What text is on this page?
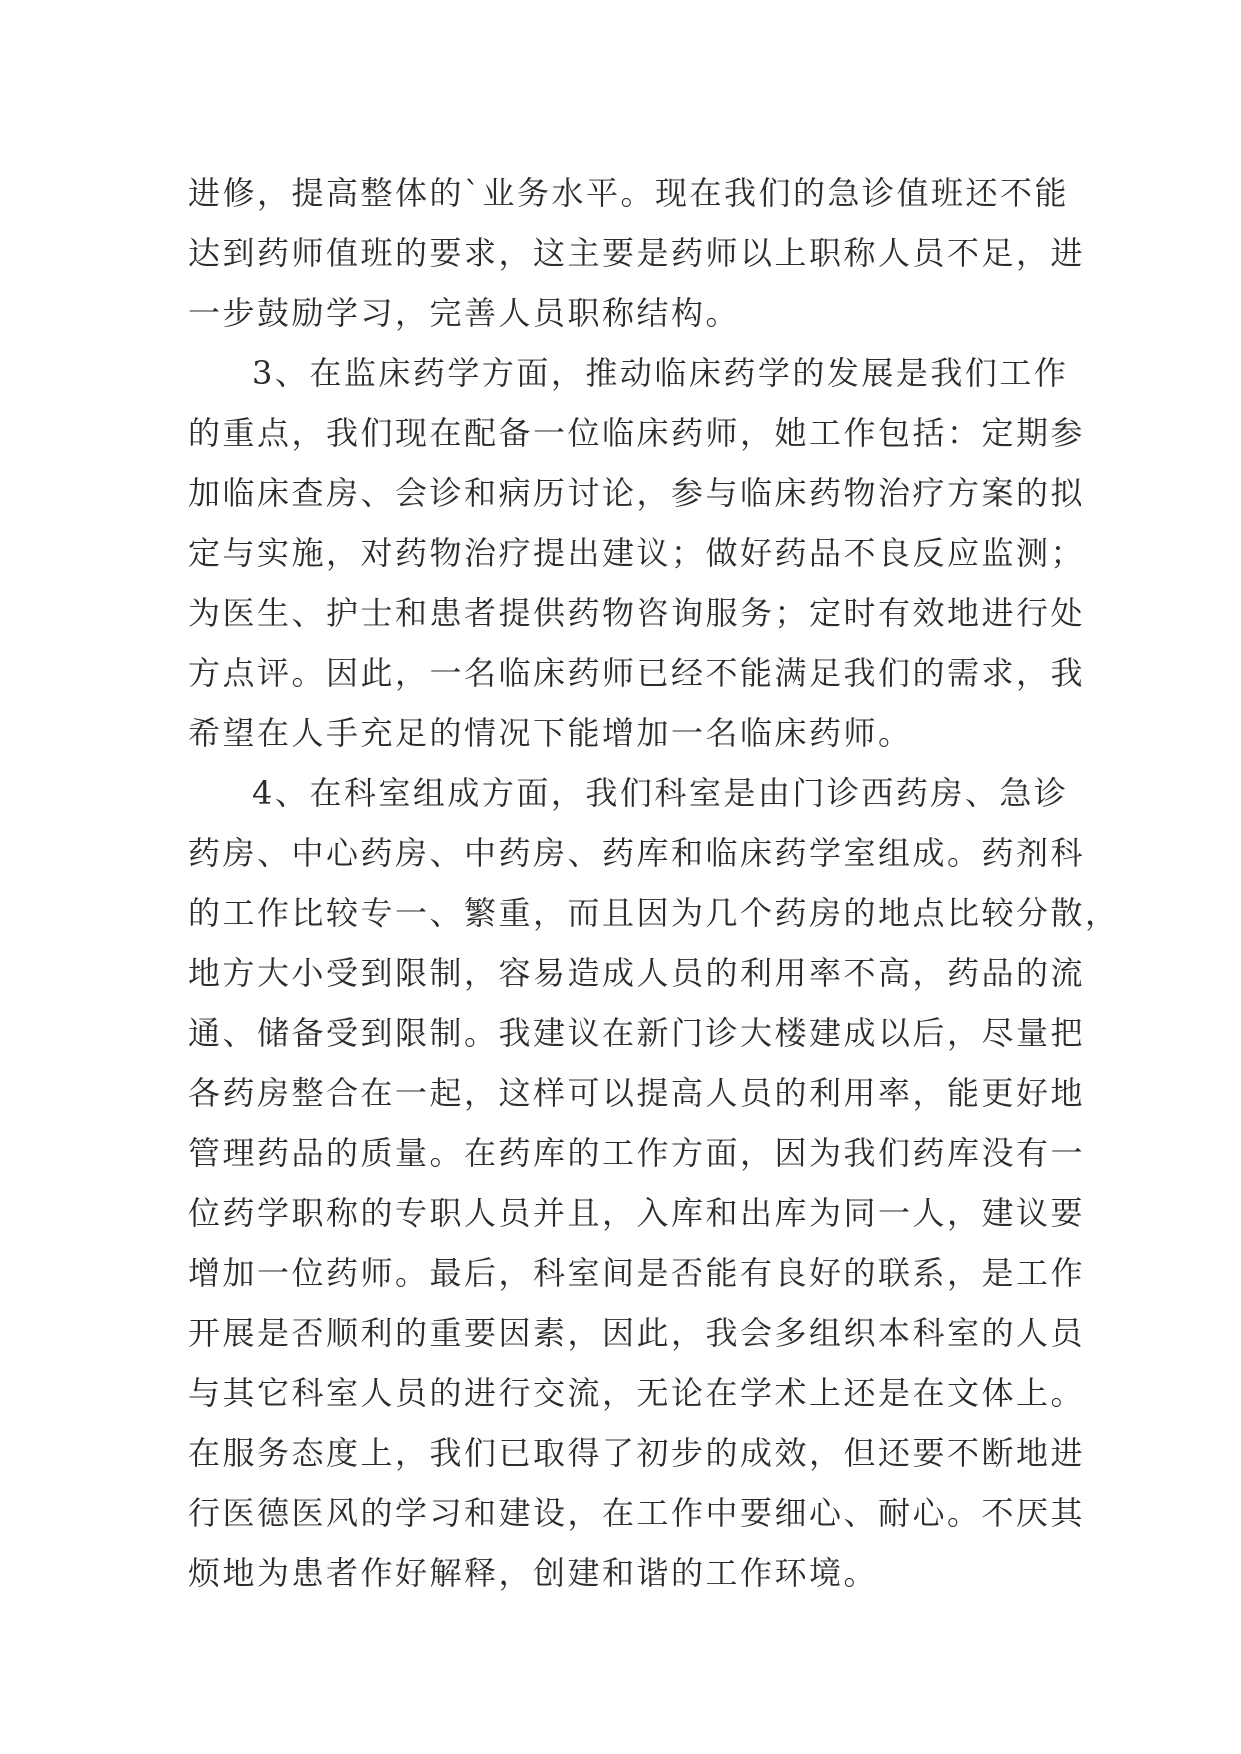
进修，提高整体的`业务水平。现在我们的急诊值班还不能
达到药师值班的要求，这主要是药师以上职称人员不足，进
一步鼓励学习，完善人员职称结构。
3、在监床药学方面，推动临床药学的发展是我们工作
的重点，我们现在配备一位临床药师，她工作包括：定期参
加临床查房、会诊和病历讨论，参与临床药物治疗方案的拟
定与实施，对药物治疗提出建议；做好药品不良反应监测；
为医生、护士和患者提供药物咨询服务；定时有效地进行处
方点评。因此，一名临床药师已经不能满足我们的需求，我
希望在人手充足的情况下能增加一名临床药师。
4、在科室组成方面，我们科室是由门诊西药房、急诊
药房、中心药房、中药房、药库和临床药学室组成。药剂科
的工作比较专一、繁重，而且因为几个药房的地点比较分散，
地方大小受到限制，容易造成人员的利用率不高，药品的流
通、储备受到限制。我建议在新门诊大楼建成以后，尽量把
各药房整合在一起，这样可以提高人员的利用率，能更好地
管理药品的质量。在药库的工作方面，因为我们药库没有一
位药学职称的专职人员并且，入库和出库为同一人，建议要
增加一位药师。最后，科室间是否能有良好的联系，是工作
开展是否顺利的重要因素，因此，我会多组织本科室的人员
与其它科室人员的进行交流，无论在学术上还是在文体上。
在服务态度上，我们已取得了初步的成效，但还要不断地进
行医德医风的学习和建设，在工作中要细心、耐心。不厌其
烦地为患者作好解释，创建和谐的工作环境。
